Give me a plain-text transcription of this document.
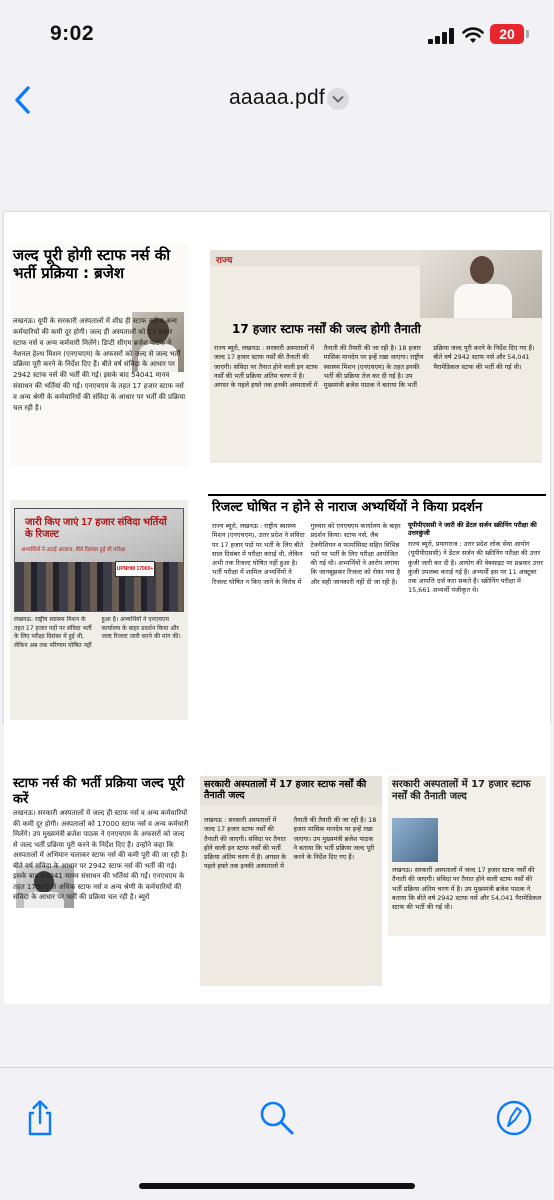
9:02	20
aaaaa.pdf
जल्द पूरी होगी स्टाफ नर्स की भर्ती प्रक्रिया : ब्रजेश
लखनऊ। यूपी के सरकारी अस्पतालों में शीघ्र ही स्टाफ नर्स व अन्य कर्मचारियों की कमी दूर होगी। जल्द ही अस्पतालों को 17 हजार स्टाफ नर्स व अन्य कर्मचारी मिलेंगे। डिप्टी सीएम ब्रजेश पाठक ने नेशनल हेल्थ मिशन (एनएचएम) के अफसरों को जल्द से जल्द भर्ती प्रक्रिया पूरी करने के निर्देश दिए हैं। बीते वर्ष संविदा के आधार पर 2942 स्टाफ नर्स की भर्ती की गई। इसके बाद 54041 मानव संसाधन की भर्तियां की गईं। एनएचएम के तहत 17 हजार स्टाफ नर्स व अन्य श्रेणी के कर्मचारियों की संविदा के आधार पर भर्ती की प्रक्रिया चल रही है।
राज्य
17 हजार स्टाफ नर्सों की जल्द होगी तैनाती
राज्य ब्यूरो, लखनऊ : सरकारी अस्पतालों में जल्द 17 हजार स्टाफ नर्सों की तैनाती की जाएगी। संविदा पर तैनात होने वाली इन स्टाफ नर्सों की भर्ती प्रक्रिया अंतिम चरण में है। अगस्त के पहले हफ्ते तक इनकी अस्पतालों में तैनाती की तैयारी की जा रही है। 18 हजार मासिक मानदेय पर इन्हें रखा जाएगा। राष्ट्रीय स्वास्थ्य मिशन (एनएचएम) के तहत इनकी भर्ती की प्रक्रिया तेज कर दी गई है। उप मुख्यमंत्री ब्रजेश पाठक ने बताया कि भर्ती प्रक्रिया जल्द पूरी करने के निर्देश दिए गए हैं। बीते वर्ष 2942 स्टाफ नर्स और 54,041 पैरामेडिकल स्टाफ की भर्ती की गई थी।
जारी किए जाएं 17 हजार संविदा भर्तियों के रिजल्ट
अभ्यर्थियों ने उठाई आवाज, बीते दिसंबर हुई थी परीक्षा
UPNHM 17000+
लखनऊ: राष्ट्रीय स्वास्थ्य मिशन के तहत 17 हजार पदों पर संविदा भर्ती के लिए परीक्षा दिसंबर में हुई थी, लेकिन अब तक परिणाम घोषित नहीं हुआ है। अभ्यर्थियों ने एनएचएम कार्यालय के बाहर प्रदर्शन किया और जल्द रिजल्ट जारी करने की मांग की।
रिजल्ट घोषित न होने से नाराज अभ्यर्थियों ने किया प्रदर्शन
राज्य ब्यूरो, लखनऊ : राष्ट्रीय स्वास्थ्य मिशन (एनएचएम), उत्तर प्रदेश ने संविदा पर 17 हजार पदों पर भर्ती के लिए बीते साल दिसंबर में परीक्षा कराई थी, लेकिन अभी तक रिजल्ट घोषित नहीं हुआ है। भर्ती परीक्षा में शामिल अभ्यर्थियों ने रिजल्ट घोषित न किए जाने के विरोध में गुरुवार को एनएचएम कार्यालय के बाहर प्रदर्शन किया। स्टाफ नर्स, लैब टेक्नीशियन व फार्मासिस्ट सहित विभिन्न पदों पर भर्ती के लिए परीक्षा आयोजित की गई थी। अभ्यर्थियों ने आरोप लगाया कि जानबूझकर रिजल्ट को रोका गया है और सही जानकारी नहीं दी जा रही है।
यूपीपीएससी ने जारी की डेंटल सर्जन स्क्रीनिंग परीक्षा की उत्तरकुंजी
राज्य ब्यूरो, प्रयागराज : उत्तर प्रदेश लोक सेवा आयोग (यूपीपीएससी) ने डेंटल सर्जन की स्क्रीनिंग परीक्षा की उत्तर कुंजी जारी कर दी है। आयोग की वेबसाइट पर प्रश्नवार उत्तर कुंजी उपलब्ध कराई गई है। अभ्यर्थी इस पर 11 अक्टूबर तक आपत्ति दर्ज करा सकते हैं। स्क्रीनिंग परीक्षा में 15,661 अभ्यर्थी पंजीकृत थे।
स्टाफ नर्स की भर्ती प्रक्रिया जल्द पूरी करें
लखनऊ। सरकारी अस्पतालों में जल्द ही स्टाफ नर्स व अन्य कर्मचारियों की कमी दूर होगी। अस्पतालों को 17000 स्टाफ नर्स व अन्य कर्मचारी मिलेंगे। उप मुख्यमंत्री ब्रजेश पाठक ने एनएचएम के अफसरों को जल्द से जल्द भर्ती प्रक्रिया पूरी करने के निर्देश दिए हैं। उन्होंने कहा कि अस्पतालों में अभियान चलाकर स्टाफ नर्स की कमी पूरी की जा रही है। बीते वर्ष संविदा के आधार पर 2942 स्टाफ नर्स की भर्ती की गई। इसके बाद 54041 मानव संसाधन की भर्तियां की गईं। एनएचएम के तहत 17000 से अधिक स्टाफ नर्स व अन्य श्रेणी के कर्मचारियों की संविदा के आधार पर भर्ती की प्रक्रिया चल रही है। ब्यूरो
सरकारी अस्पतालों में 17 हजार स्टाफ नर्सों की तैनाती जल्द
लखनऊ : सरकारी अस्पतालों में जल्द 17 हजार स्टाफ नर्सों की तैनाती की जाएगी। संविदा पर तैनात होने वाली इन स्टाफ नर्सों की भर्ती प्रक्रिया अंतिम चरण में है। अगस्त के पहले हफ्ते तक इनकी अस्पतालों में तैनाती की तैयारी की जा रही है। 18 हजार मासिक मानदेय पर इन्हें रखा जाएगा। उप मुख्यमंत्री ब्रजेश पाठक ने बताया कि भर्ती प्रक्रिया जल्द पूरी करने के निर्देश दिए गए हैं।
सरकारी अस्पतालों में 17 हजार स्टाफ नर्सों की तैनाती जल्द
लखनऊ। सरकारी अस्पतालों में जल्द 17 हजार स्टाफ नर्सों की तैनाती की जाएगी। संविदा पर तैनात होने वाली स्टाफ नर्सों की भर्ती प्रक्रिया अंतिम चरण में है। उप मुख्यमंत्री ब्रजेश पाठक ने बताया कि बीते वर्ष 2942 स्टाफ नर्स और 54,041 पैरामेडिकल स्टाफ की भर्ती की गई थी।
